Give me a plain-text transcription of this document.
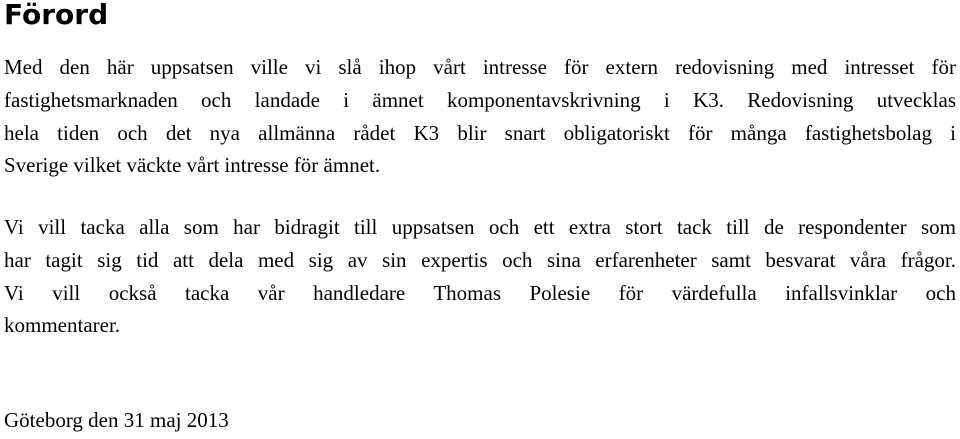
Förord

Med den här uppsatsen ville vi slå ihop vårt intresse för extern redovisning med intresset för
fastighetsmarknaden och landade i ämnet komponentavskrivning i K3. Redovisning utvecklas
hela tiden och det nya allmänna rådet K3 blir snart obligatoriskt för många fastighetsbolag i
Sverige vilket väckte vårt intresse för ämnet.

Vi vill tacka alla som har bidragit till uppsatsen och ett extra stort tack till de respondenter som
har tagit sig tid att dela med sig av sin expertis och sina erfarenheter samt besvarat våra frågor.
Vi vill också tacka vår handledare Thomas Polesie för värdefulla infallsvinklar och
kommentarer.

Göteborg den 31 maj 2013
